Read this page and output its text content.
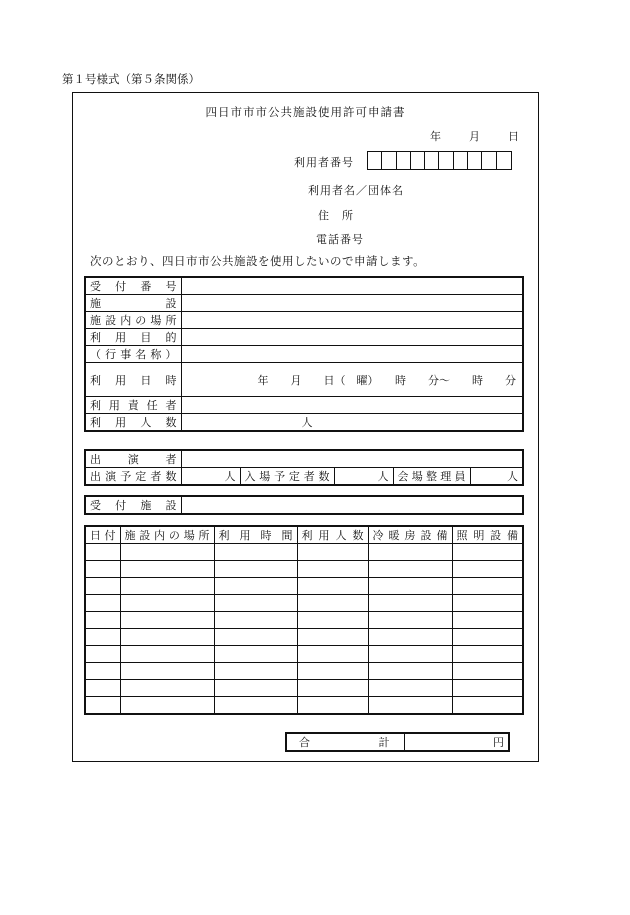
第１号様式（第５条関係）
四日市市市公共施設使用許可申請書
年	月	日
利用者番号
利用者名／団体名
住　所
電話番号
次のとおり、四日市市公共施設を使用したいので申請します。
受付番号	
施設	
施設内の場所	
利用目的	
（行事名称）	
利用日時	年　　月　　日（　曜）　　時　　分～　　時　　分
利用責任者	
利用人数	人
出演者					
出演予定者数	人	入場予定者数	人	会場整理員	人
受付施設	
日付	施設内の場所	利用時間	利用人数	冷暖房設備	照明設備

合	計	円
